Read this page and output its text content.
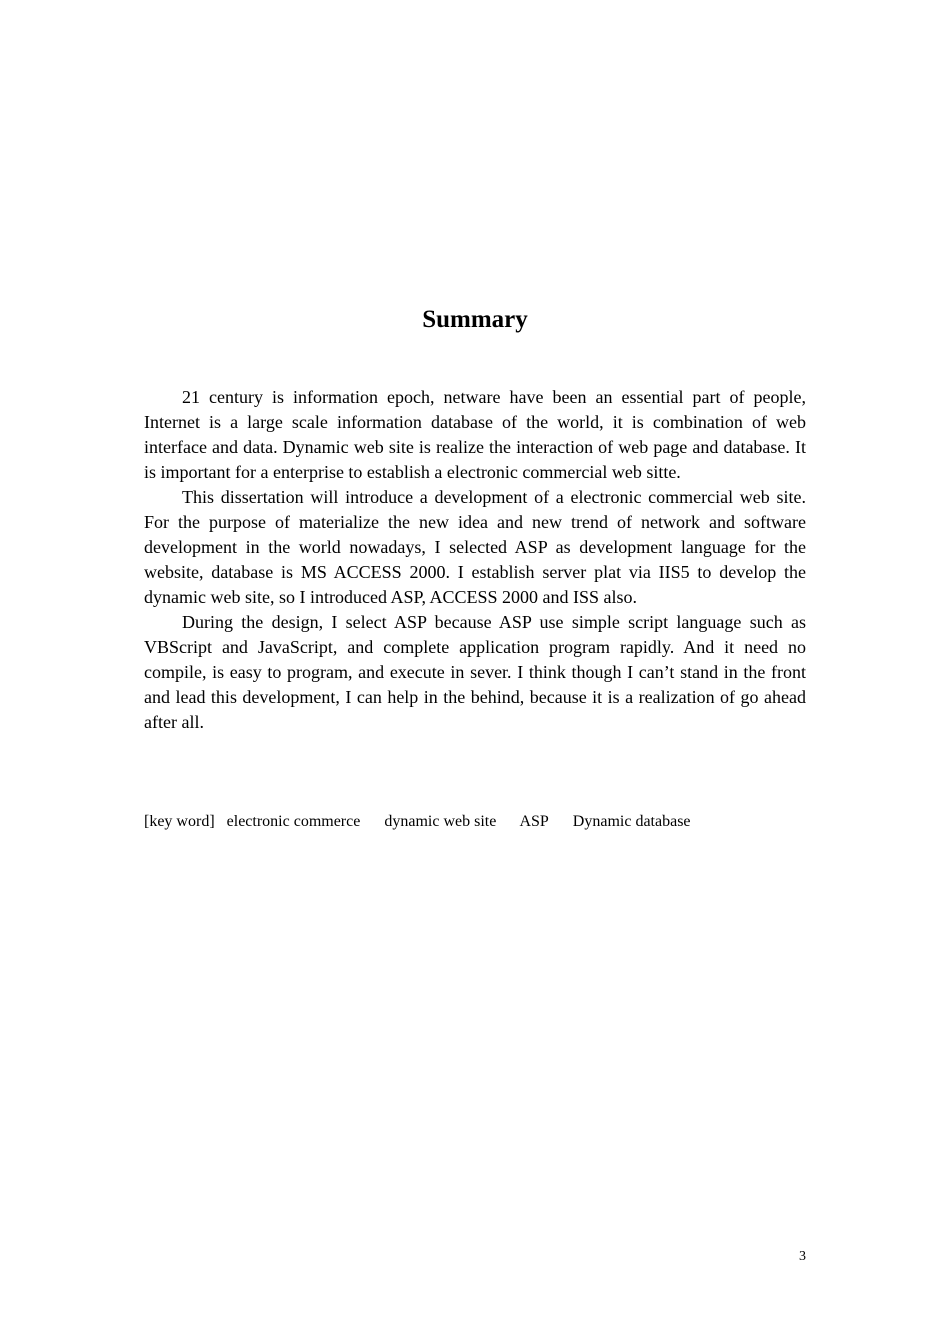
Summary

21 century is information epoch, netware have been an essential part of people, Internet is a large scale information database of the world, it is combination of web interface and data. Dynamic web site is realize the interaction of web page and database. It is important for a enterprise to establish a electronic commercial web sitte.

This dissertation will introduce a development of a electronic commercial web site. For the purpose of materialize the new idea and new trend of network and software development in the world nowadays, I selected ASP as development language for the website, database is MS ACCESS 2000. I establish server plat via IIS5 to develop the dynamic web site, so I introduced ASP, ACCESS 2000 and ISS also.

During the design, I select ASP because ASP use simple script language such as VBScript and JavaScript, and complete application program rapidly. And it need no compile, is easy to program, and execute in sever. I think though I can’t stand in the front and lead this development, I can help in the behind, because it is a realization of go ahead after all.

[key word] electronic commerce dynamic web site ASP Dynamic database
3
